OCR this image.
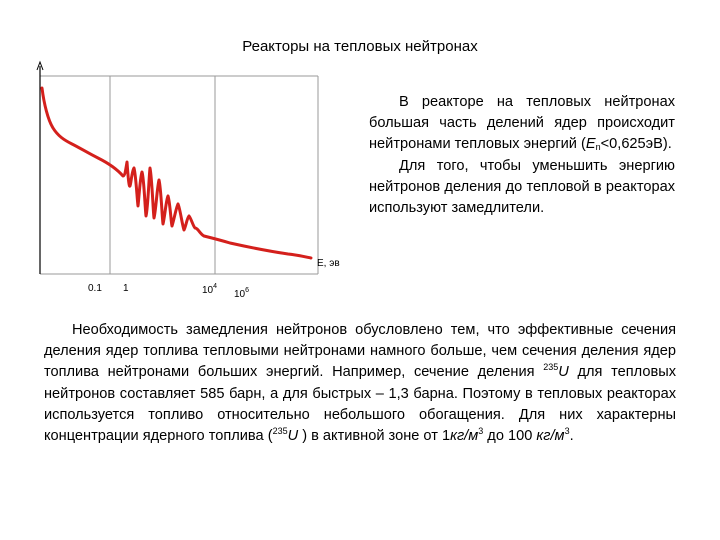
Реакторы на тепловых нейтронах
E, эв
0.1 1	$10^4$
$10^6$

В реакторе на тепловых нейтронах большая часть делений ядер происходит нейтронами тепловых энергий $(E_n<0,625эВ)$.

Для того, чтобы уменьшить энергию нейтронов деления до тепловой в реакторах используют замедлители.

Необходимость замедления нейтронов обусловлено тем, что эффективные сечения деления ядер топлива тепловыми нейтронами намного больше, чем сечения деления ядер топлива нейтронами больших энергий. Например, сечение деления $^{235}$U для тепловых нейтронов составляет 585 барн, а для быстрых – 1,3 барна. Поэтому в тепловых реакторах используется топливо относительно небольшого обогащения. Для них характерны концентрации ядерного топлива ($^{235}$U ) в активной зоне от $1кг/м^3$ до 100 $кг/м^3$.
